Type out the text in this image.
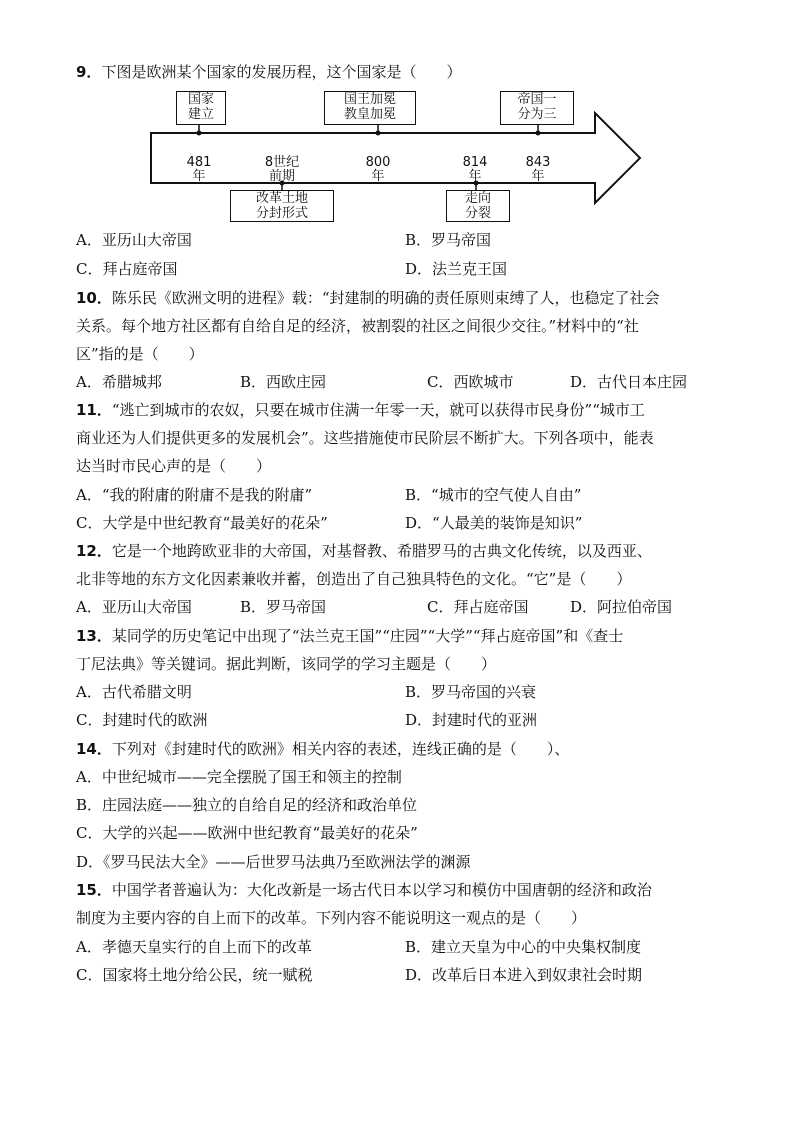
9．下图是欧洲某个国家的发展历程，这个国家是（　　）
国家
建立
国王加冕
教皇加冕
帝国一
分为三
改革土地
分封形式
走向
分裂

481
年

8世纪
前期

800
年

814
年

843
年

A．亚历山大帝国	B．罗马帝国
C．拜占庭帝国	D．法兰克王国
10．陈乐民《欧洲文明的进程》载：“封建制的明确的责任原则束缚了人，也稳定了社会
关系。每个地方社区都有自给自足的经济，被割裂的社区之间很少交往。”材料中的“社
区”指的是（　　）
A．希腊城邦	B．西欧庄园	C．西欧城市	D．古代日本庄园
11．“逃亡到城市的农奴，只要在城市住满一年零一天，就可以获得市民身份”“城市工
商业还为人们提供更多的发展机会”。这些措施使市民阶层不断扩大。下列各项中，能表
达当时市民心声的是（　　）
A．“我的附庸的附庸不是我的附庸”	B．“城市的空气使人自由”
C．大学是中世纪教育“最美好的花朵”	D．“人最美的装饰是知识”
12．它是一个地跨欧亚非的大帝国，对基督教、希腊罗马的古典文化传统，以及西亚、
北非等地的东方文化因素兼收并蓄，创造出了自己独具特色的文化。“它”是（　　）
A．亚历山大帝国	B．罗马帝国	C．拜占庭帝国	D．阿拉伯帝国
13．某同学的历史笔记中出现了“法兰克王国”“庄园”“大学”“拜占庭帝国”和《查士
丁尼法典》等关键词。据此判断，该同学的学习主题是（　　）
A．古代希腊文明	B．罗马帝国的兴衰
C．封建时代的欧洲	D．封建时代的亚洲
14．下列对《封建时代的欧洲》相关内容的表述，连线正确的是（　　）、
A．中世纪城市——完全摆脱了国王和领主的控制
B．庄园法庭——独立的自给自足的经济和政治单位
C．大学的兴起——欧洲中世纪教育“最美好的花朵”
D．《罗马民法大全》——后世罗马法典乃至欧洲法学的渊源
15．中国学者普遍认为：大化改新是一场古代日本以学习和模仿中国唐朝的经济和政治
制度为主要内容的自上而下的改革。下列内容不能说明这一观点的是（　　）
A．孝德天皇实行的自上而下的改革	B．建立天皇为中心的中央集权制度
C．国家将土地分给公民，统一赋税	D．改革后日本进入到奴隶社会时期
